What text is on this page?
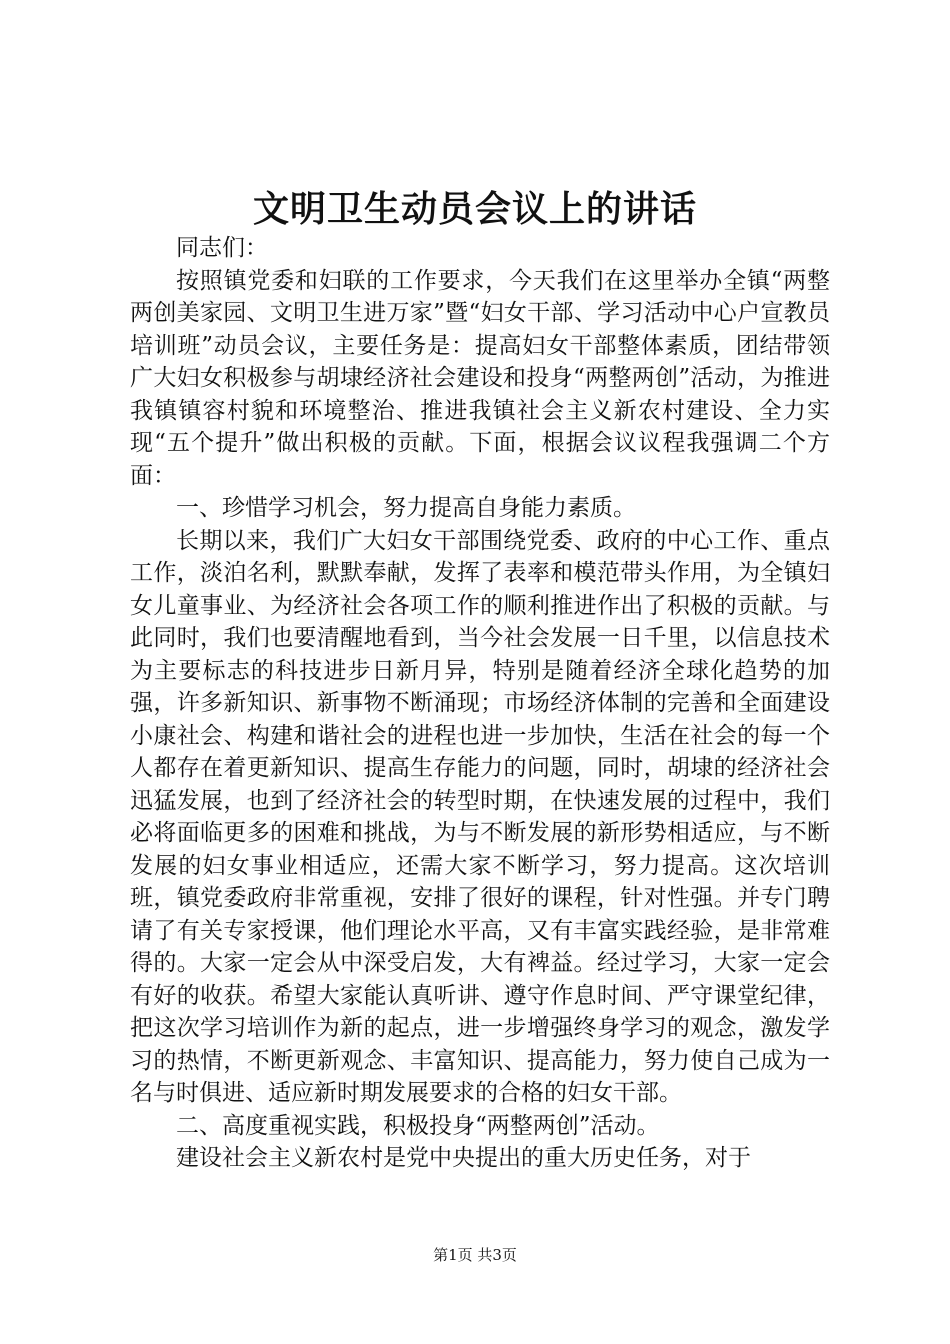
文明卫生动员会议上的讲话

同志们：

按照镇党委和妇联的工作要求，今天我们在这里举办全镇“两整两创美家园、文明卫生进万家”暨“妇女干部、学习活动中心户宣教员培训班”动员会议，主要任务是：提高妇女干部整体素质，团结带领广大妇女积极参与胡埭经济社会建设和投身“两整两创”活动，为推进我镇镇容村貌和环境整治、推进我镇社会主义新农村建设、全力实现“五个提升”做出积极的贡献。下面，根据会议议程我强调二个方面：

一、珍惜学习机会，努力提高自身能力素质。

长期以来，我们广大妇女干部围绕党委、政府的中心工作、重点工作，淡泊名利，默默奉献，发挥了表率和模范带头作用，为全镇妇女儿童事业、为经济社会各项工作的顺利推进作出了积极的贡献。与此同时，我们也要清醒地看到，当今社会发展一日千里，以信息技术为主要标志的科技进步日新月异，特别是随着经济全球化趋势的加强，许多新知识、新事物不断涌现；市场经济体制的完善和全面建设小康社会、构建和谐社会的进程也进一步加快，生活在社会的每一个人都存在着更新知识、提高生存能力的问题，同时，胡埭的经济社会迅猛发展，也到了经济社会的转型时期，在快速发展的过程中，我们必将面临更多的困难和挑战，为与不断发展的新形势相适应，与不断发展的妇女事业相适应，还需大家不断学习，努力提高。这次培训班，镇党委政府非常重视，安排了很好的课程，针对性强。并专门聘请了有关专家授课，他们理论水平高，又有丰富实践经验，是非常难得的。大家一定会从中深受启发，大有裨益。经过学习，大家一定会有好的收获。希望大家能认真听讲、遵守作息时间、严守课堂纪律，把这次学习培训作为新的起点，进一步增强终身学习的观念，激发学习的热情，不断更新观念、丰富知识、提高能力，努力使自己成为一名与时俱进、适应新时期发展要求的合格的妇女干部。

二、高度重视实践，积极投身“两整两创”活动。

建设社会主义新农村是党中央提出的重大历史任务，对于

第1页 共3页
